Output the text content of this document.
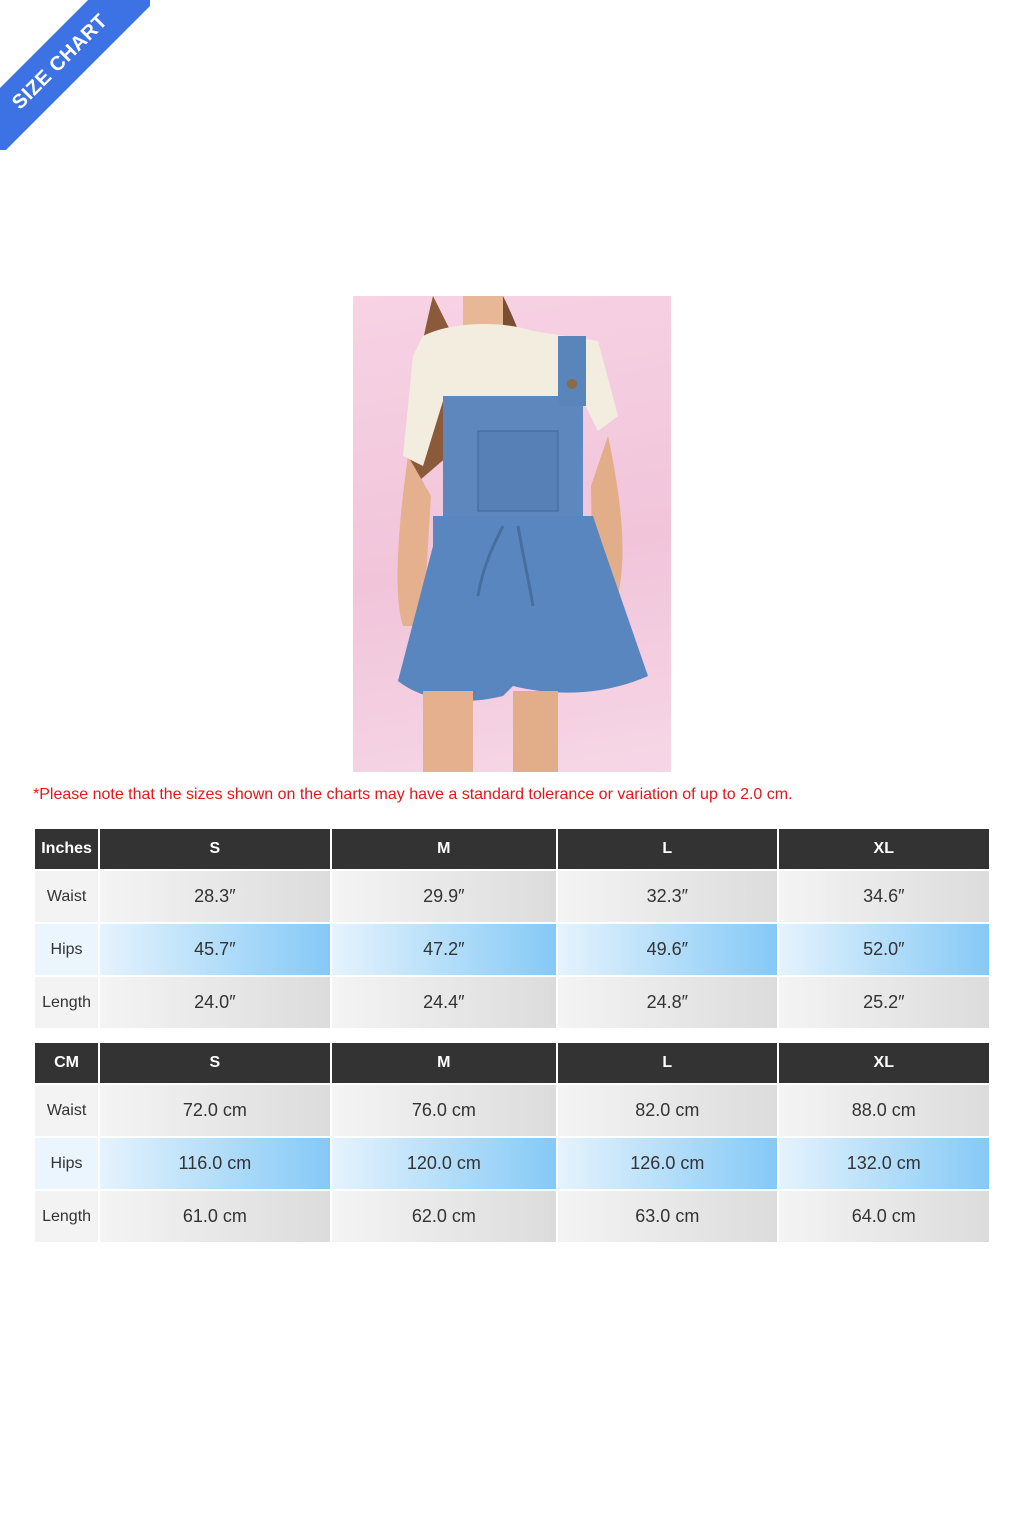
SIZE CHART
*Please note that the sizes shown on the charts may have a standard tolerance or variation of up to 2.0 cm.
Inches	S	M	L	XL
Waist	28.3″	29.9″	32.3″	34.6″
Hips	45.7″	47.2″	49.6″	52.0″
Length	24.0″	24.4″	24.8″	25.2″
CM	S	M	L	XL
Waist	72.0 cm	76.0 cm	82.0 cm	88.0 cm
Hips	116.0 cm	120.0 cm	126.0 cm	132.0 cm
Length	61.0 cm	62.0 cm	63.0 cm	64.0 cm
